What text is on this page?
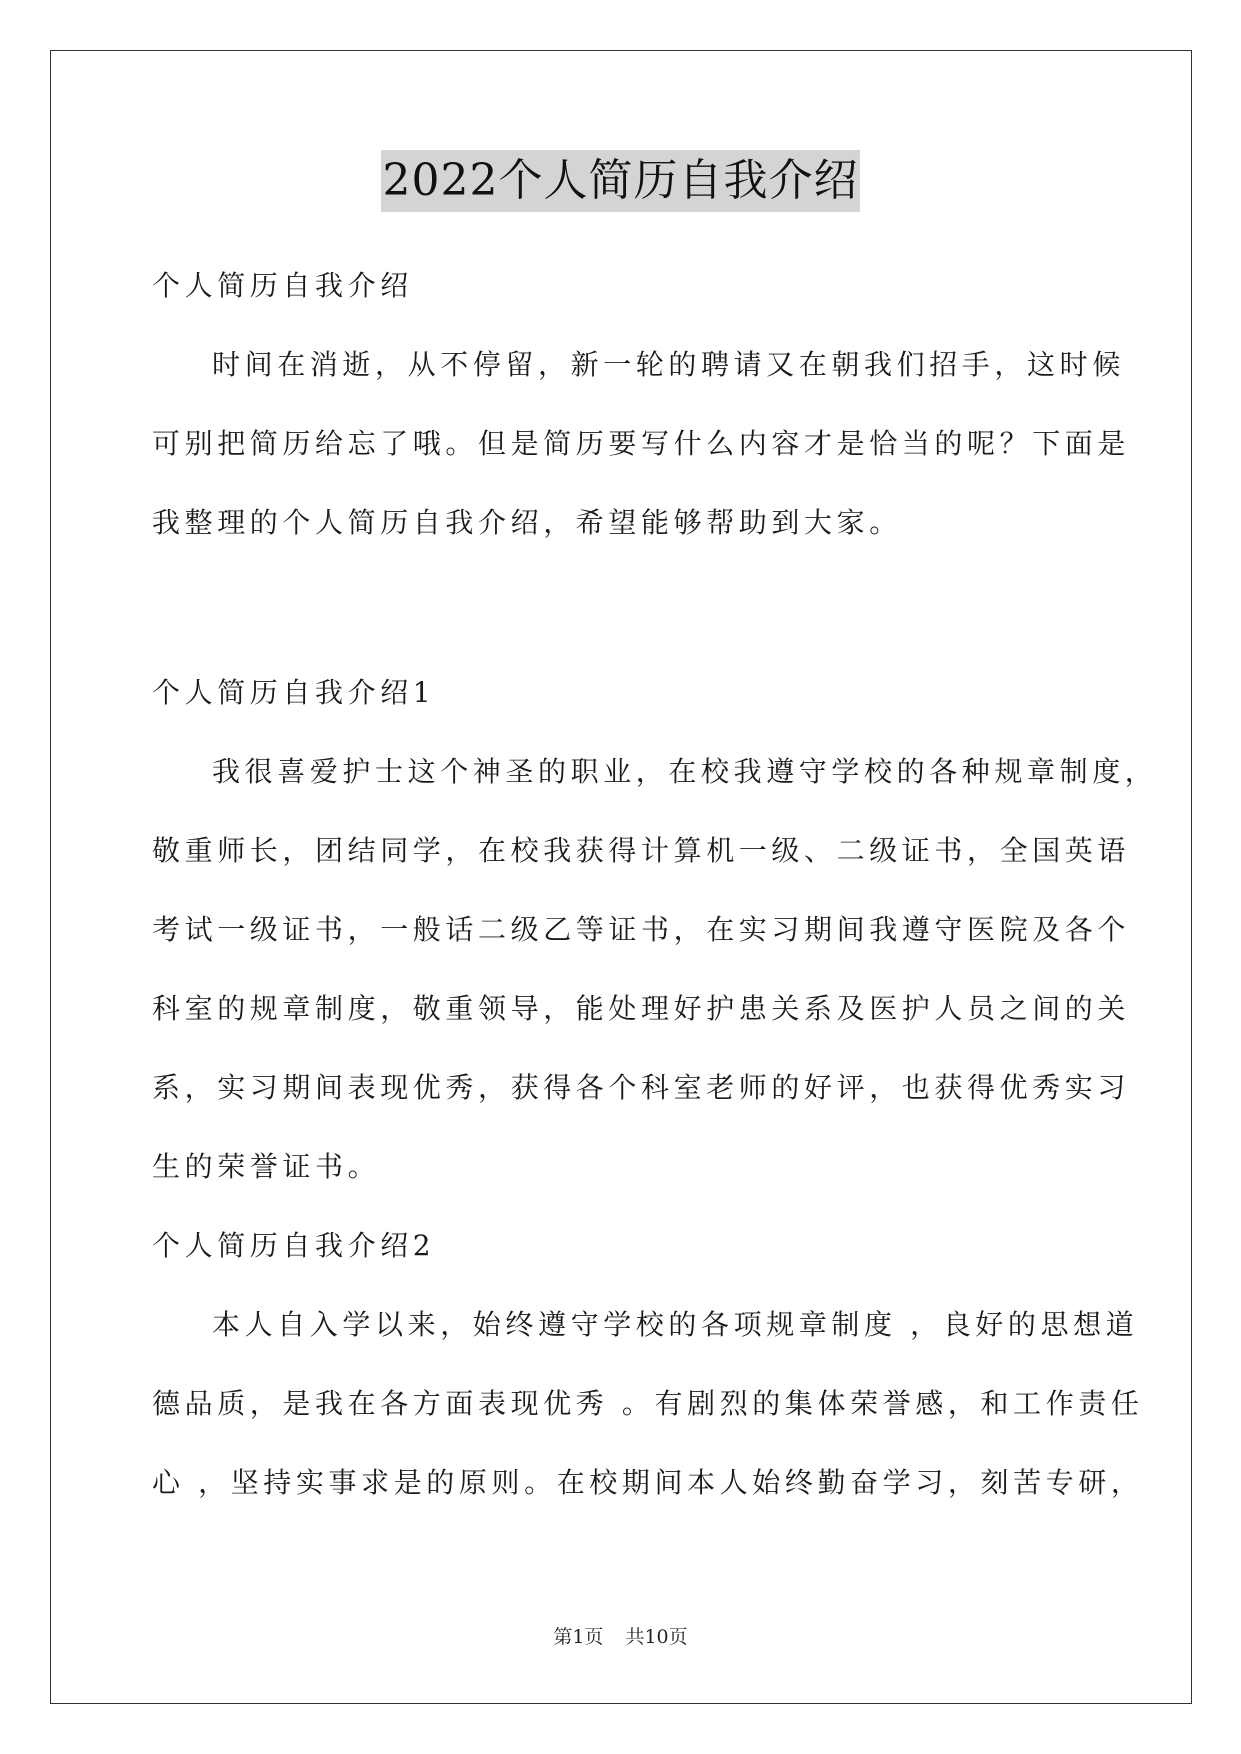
2022个人简历自我介绍
个人简历自我介绍
时间在消逝，从不停留，新一轮的聘请又在朝我们招手，这时候
可别把简历给忘了哦。但是简历要写什么内容才是恰当的呢？下面是
我整理的个人简历自我介绍，希望能够帮助到大家。
个人简历自我介绍1
我很喜爱护士这个神圣的职业，在校我遵守学校的各种规章制度，
敬重师长，团结同学，在校我获得计算机一级、二级证书，全国英语
考试一级证书，一般话二级乙等证书，在实习期间我遵守医院及各个
科室的规章制度，敬重领导，能处理好护患关系及医护人员之间的关
系，实习期间表现优秀，获得各个科室老师的好评，也获得优秀实习
生的荣誉证书。
个人简历自我介绍2
本人自入学以来，始终遵守学校的各项规章制度 ，良好的思想道
德品质，是我在各方面表现优秀 。有剧烈的集体荣誉感，和工作责任
心 ，坚持实事求是的原则。在校期间本人始终勤奋学习，刻苦专研，
第1页 共10页
